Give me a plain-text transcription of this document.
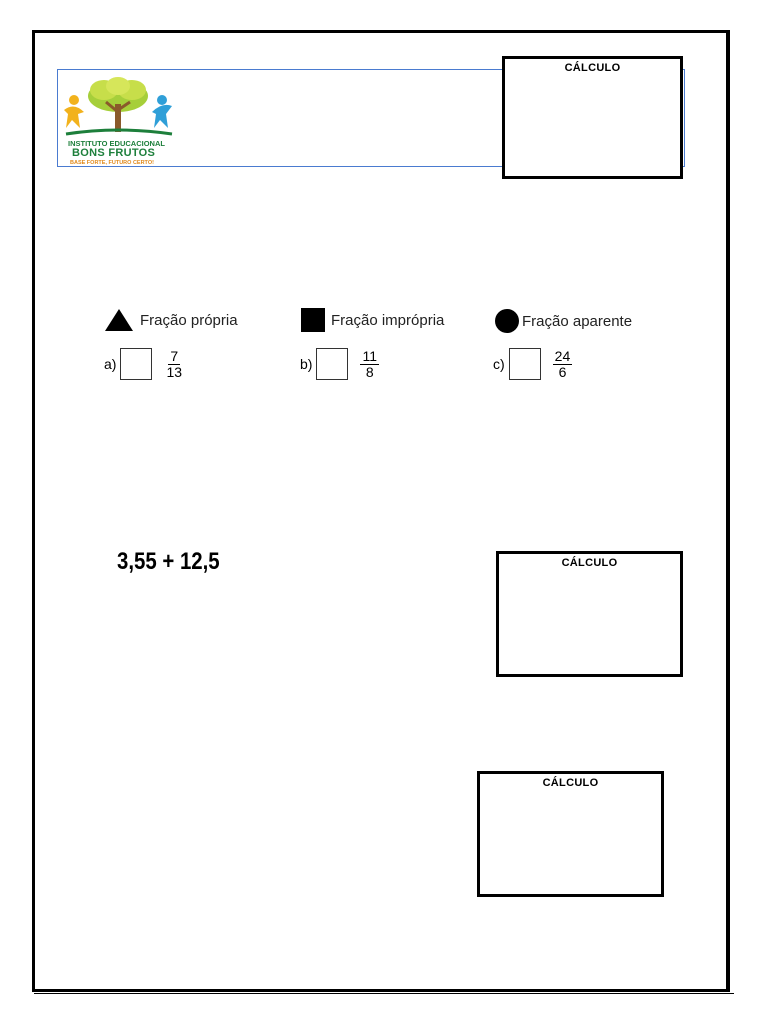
INSTITUTO EDUCACIONAL
BONS FRUTOS
BASE FORTE, FUTURO CERTO!
CÁLCULO
Fração própria	Fração imprópria	Fração aparente
a)	$\frac{7}{13}$	b)	$\frac{11}{8}$	c)	$\frac{24}{6}$
3,55 + 12,5	CÁLCULO
CÁLCULO
